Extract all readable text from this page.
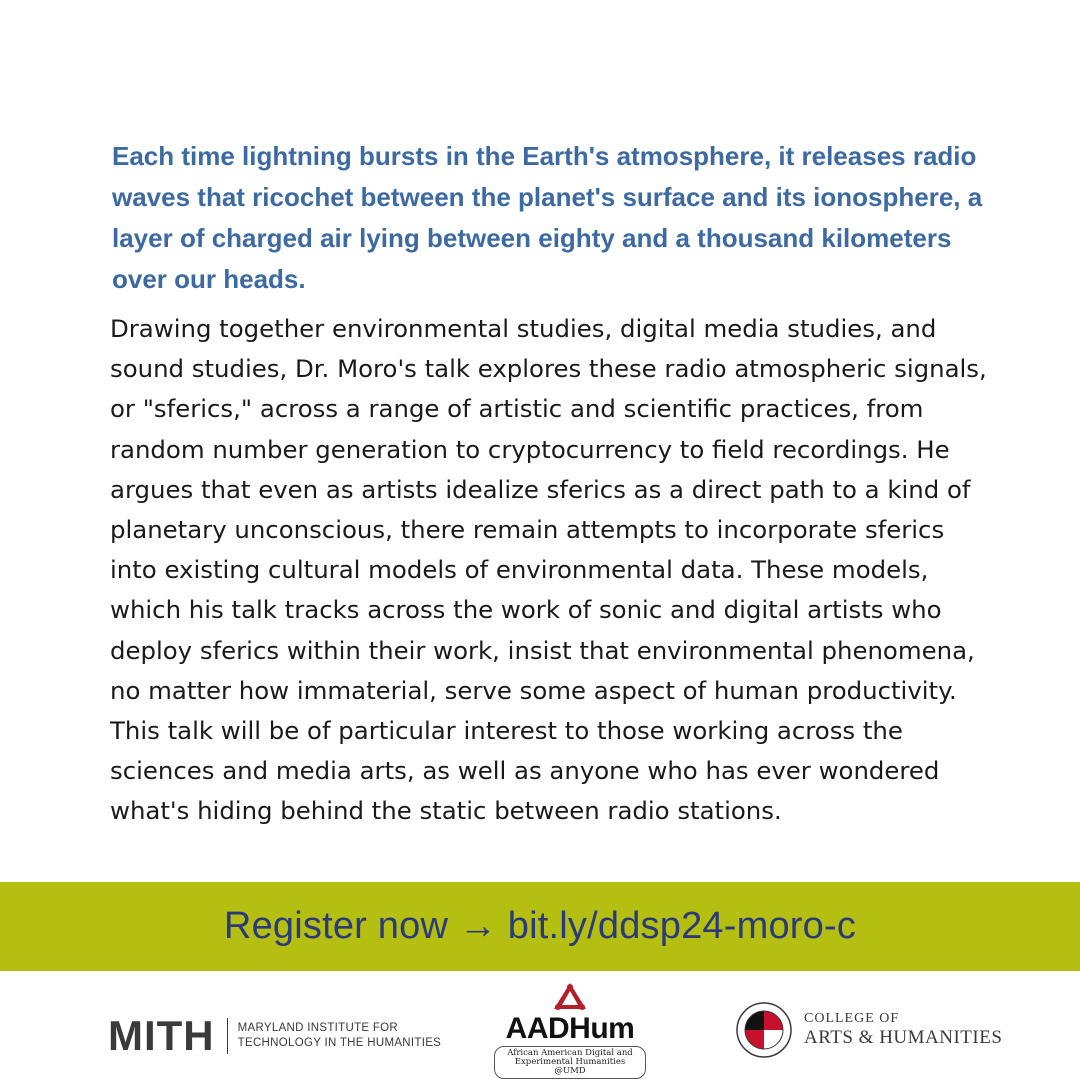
Each time lightning bursts in the Earth's atmosphere, it releases radio waves that ricochet between the planet's surface and its ionosphere, a layer of charged air lying between eighty and a thousand kilometers over our heads.

Drawing together environmental studies, digital media studies, and sound studies, Dr. Moro's talk explores these radio atmospheric signals, or "sferics," across a range of artistic and scientific practices, from random number generation to cryptocurrency to field recordings. He argues that even as artists idealize sferics as a direct path to a kind of planetary unconscious, there remain attempts to incorporate sferics into existing cultural models of environmental data. These models, which his talk tracks across the work of sonic and digital artists who deploy sferics within their work, insist that environmental phenomena, no matter how immaterial, serve some aspect of human productivity.

This talk will be of particular interest to those working across the sciences and media arts, as well as anyone who has ever wondered what's hiding behind the static between radio stations.

Register now → bit.ly/ddsp24-moro-c
MITH MARYLAND INSTITUTE FOR
TECHNOLOGY IN THE HUMANITIES	AADHum
African American Digital and Experimental Humanities @UMD
COLLEGE OF
ARTS & HUMANITIES
